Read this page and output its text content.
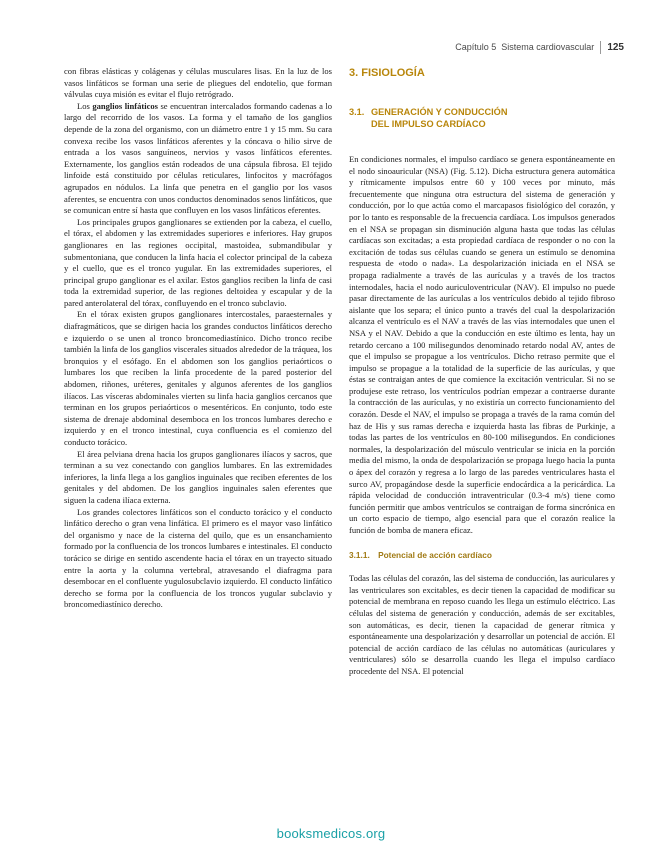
Capítulo 5 Sistema cardiovascular 125

con fibras elásticas y colágenas y células musculares lisas. En la luz de los vasos linfáticos se forman una serie de pliegues del endotelio, que forman válvulas cuya misión es evitar el flujo retrógrado.

Los ganglios linfáticos se encuentran intercalados formando cadenas a lo largo del recorrido de los vasos. La forma y el tamaño de los ganglios depende de la zona del organismo, con un diámetro entre 1 y 15 mm. Su cara convexa recibe los vasos linfáticos aferentes y la cóncava o hilio sirve de entrada a los vasos sanguíneos, nervios y vasos linfáticos eferentes. Externamente, los ganglios están rodeados de una cápsula fibrosa. El tejido linfoide está constituido por células reticulares, linfocitos y macrófagos agrupados en nódulos. La linfa que penetra en el ganglio por los vasos aferentes, se encuentra con unos conductos denominados senos linfáticos, que se comunican entre sí hasta que confluyen en los vasos linfáticos eferentes.

Los principales grupos ganglionares se extienden por la cabeza, el cuello, el tórax, el abdomen y las extremidades superiores e inferiores. Hay grupos ganglionares en las regiones occipital, mastoidea, submandibular y submentoniana, que conducen la linfa hacia el colector principal de la cabeza y el cuello, que es el tronco yugular. En las extremidades superiores, el principal grupo ganglionar es el axilar. Estos ganglios reciben la linfa de casi toda la extremidad superior, de las regiones deltoidea y escapular y de la pared anterolateral del tórax, confluyendo en el tronco subclavio.

En el tórax existen grupos ganglionares intercostales, paraesternales y diafragmáticos, que se dirigen hacia los grandes conductos linfáticos derecho e izquierdo o se unen al tronco broncomediastínico. Dicho tronco recibe también la linfa de los ganglios viscerales situados alrededor de la tráquea, los bronquios y el esófago. En el abdomen son los ganglios periaórticos o lumbares los que reciben la linfa procedente de la pared posterior del abdomen, riñones, uréteres, genitales y algunos aferentes de los ganglios ilíacos. Las vísceras abdominales vierten su linfa hacia ganglios cercanos que terminan en los grupos periaórticos o mesentéricos. En conjunto, todo este sistema de drenaje abdominal desemboca en los troncos lumbares derecho e izquierdo y en el tronco intestinal, cuya confluencia es el comienzo del conducto torácico.

El área pelviana drena hacia los grupos ganglionares ilíacos y sacros, que terminan a su vez conectando con ganglios lumbares. En las extremidades inferiores, la linfa llega a los ganglios inguinales que reciben eferentes de los genitales y del abdomen. De los ganglios inguinales salen eferentes que siguen la cadena ilíaca externa.

Los grandes colectores linfáticos son el conducto torácico y el conducto linfático derecho o gran vena linfática. El primero es el mayor vaso linfático del organismo y nace de la cisterna del quilo, que es un ensanchamiento formado por la confluencia de los troncos lumbares e intestinales. El conducto torácico se dirige en sentido ascendente hacia el tórax en un trayecto situado entre la aorta y la columna vertebral, atravesando el diafragma para desembocar en el confluente yugulosubclavio izquierdo. El conducto linfático derecho se forma por la confluencia de los troncos yugular subclavio y broncomediastínico derecho.

3. FISIOLOGÍA
3.1. GENERACIÓN Y CONDUCCIÓN
DEL IMPULSO CARDÍACO

En condiciones normales, el impulso cardíaco se genera espontáneamente en el nodo sinoauricular (NSA) (Fig. 5.12). Dicha estructura genera automática y rítmicamente impulsos entre 60 y 100 veces por minuto, más frecuentemente que ninguna otra estructura del sistema de generación y conducción, por lo que actúa como el marcapasos fisiológico del corazón, y por lo tanto es responsable de la frecuencia cardíaca. Los impulsos generados en el NSA se propagan sin disminución alguna hasta que todas las células cardíacas son excitadas; a esta propiedad cardíaca de responder o no con la excitación de todas sus células cuando se genera un estímulo se denomina respuesta de «todo o nada». La despolarización iniciada en el NSA se propaga radialmente a través de las aurículas y a través de los tractos internodales, hacia el nodo auriculoventricular (NAV). El impulso no puede pasar directamente de las aurículas a los ventrículos debido al tejido fibroso aislante que los separa; el único punto a través del cual la despolarización alcanza el ventrículo es el NAV a través de las vías internodales que unen el NSA y el NAV. Debido a que la conducción en este último es lenta, hay un retardo cercano a 100 milisegundos denominado retardo nodal AV, antes de que el impulso se propague a los ventrículos. Dicho retraso permite que el impulso se propague a la totalidad de la superficie de las aurículas, y que éstas se contraigan antes de que comience la excitación ventricular. Si no se produjese este retraso, los ventrículos podrían empezar a contraerse durante la contracción de las aurículas, y no existiría un correcto funcionamiento del corazón. Desde el NAV, el impulso se propaga a través de la rama común del haz de His y sus ramas derecha e izquierda hasta las fibras de Purkinje, a todas las partes de los ventrículos en 80-100 milisegundos. En condiciones normales, la despolarización del músculo ventricular se inicia en la porción media del mismo, la onda de despolarización se propaga luego hacia la punta o ápex del corazón y regresa a lo largo de las paredes ventriculares hasta el surco AV, propagándose desde la superficie endocárdica a la pericárdica. La rápida velocidad de conducción intraventricular (0.3-4 m/s) tiene como función permitir que ambos ventrículos se contraigan de forma sincrónica en un corto espacio de tiempo, algo esencial para que el corazón realice la función de bomba de manera eficaz.

3.1.1. Potencial de acción cardíaco

Todas las células del corazón, las del sistema de conducción, las auriculares y las ventriculares son excitables, es decir tienen la capacidad de modificar su potencial de membrana en reposo cuando les llega un estímulo eléctrico. Las células del sistema de generación y conducción, además de ser excitables, son automáticas, es decir, tienen la capacidad de generar rítmica y espontáneamente una despolarización y desarrollar un potencial de acción. El potencial de acción cardíaco de las células no automáticas (auriculares y ventriculares) sólo se desarrolla cuando les llega el impulso cardíaco procedente del NSA. El potencial

booksmedicos.org
